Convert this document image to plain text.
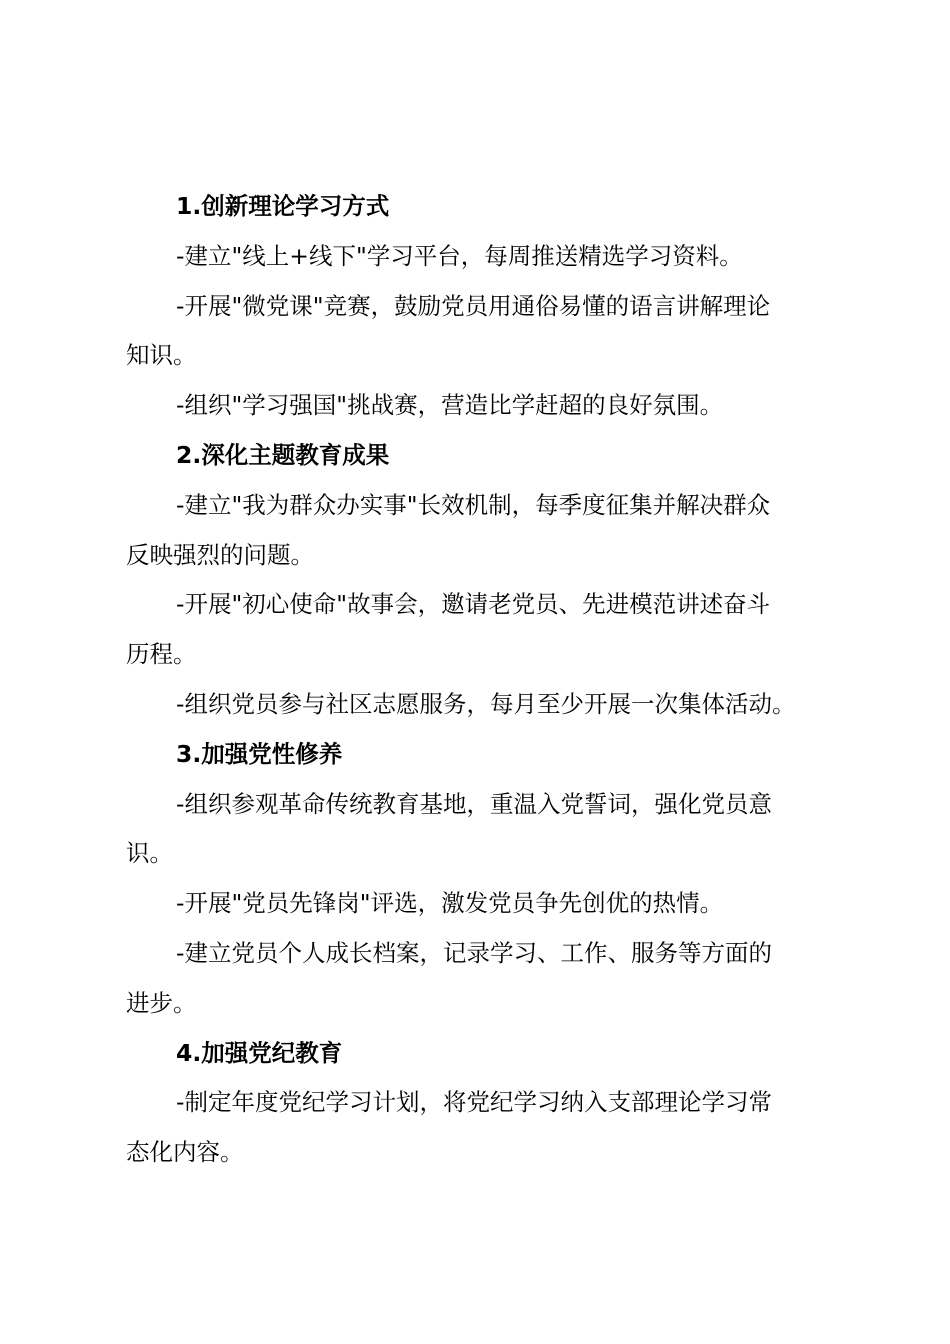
1.创新理论学习方式
-建立"线上+线下"学习平台，每周推送精选学习资料。
-开展"微党课"竞赛，鼓励党员用通俗易懂的语言讲解理论
知识。
-组织"学习强国"挑战赛，营造比学赶超的良好氛围。
2.深化主题教育成果
-建立"我为群众办实事"长效机制，每季度征集并解决群众
反映强烈的问题。
-开展"初心使命"故事会，邀请老党员、先进模范讲述奋斗
历程。
-组织党员参与社区志愿服务，每月至少开展一次集体活动。
3.加强党性修养
-组织参观革命传统教育基地，重温入党誓词，强化党员意
识。
-开展"党员先锋岗"评选，激发党员争先创优的热情。
-建立党员个人成长档案，记录学习、工作、服务等方面的
进步。
4.加强党纪教育
-制定年度党纪学习计划，将党纪学习纳入支部理论学习常
态化内容。
